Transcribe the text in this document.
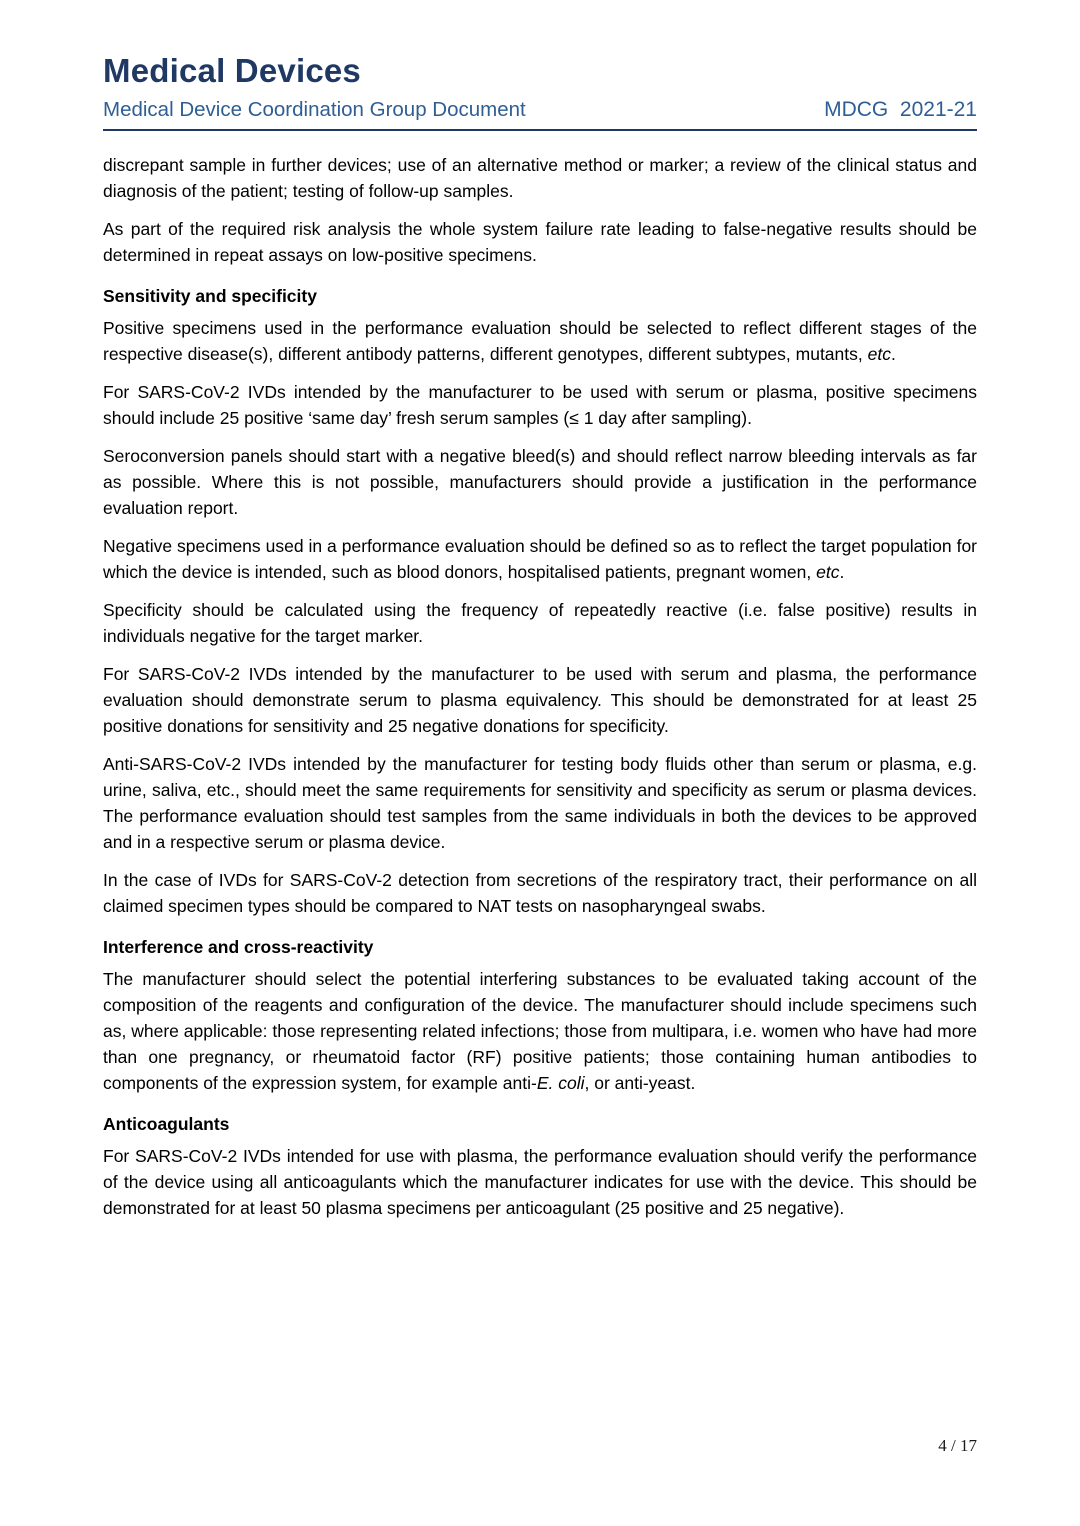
Medical Devices
Medical Device Coordination Group Document	MDCG  2021-21

discrepant sample in further devices; use of an alternative method or marker; a review of the clinical status and diagnosis of the patient; testing of follow-up samples.

As part of the required risk analysis the whole system failure rate leading to false-negative results should be determined in repeat assays on low-positive specimens.

Sensitivity and specificity

Positive specimens used in the performance evaluation should be selected to reflect different stages of the respective disease(s), different antibody patterns, different genotypes, different subtypes, mutants, etc.

For SARS-CoV-2 IVDs intended by the manufacturer to be used with serum or plasma, positive specimens should include 25 positive ‘same day’ fresh serum samples (≤ 1 day after sampling).

Seroconversion panels should start with a negative bleed(s) and should reflect narrow bleeding intervals as far as possible. Where this is not possible, manufacturers should provide a justification in the performance evaluation report.

Negative specimens used in a performance evaluation should be defined so as to reflect the target population for which the device is intended, such as blood donors, hospitalised patients, pregnant women, etc.

Specificity should be calculated using the frequency of repeatedly reactive (i.e. false positive) results in individuals negative for the target marker.

For SARS-CoV-2 IVDs intended by the manufacturer to be used with serum and plasma, the performance evaluation should demonstrate serum to plasma equivalency. This should be demonstrated for at least 25 positive donations for sensitivity and 25 negative donations for specificity.

Anti-SARS-CoV-2 IVDs intended by the manufacturer for testing body fluids other than serum or plasma, e.g. urine, saliva, etc., should meet the same requirements for sensitivity and specificity as serum or plasma devices. The performance evaluation should test samples from the same individuals in both the devices to be approved and in a respective serum or plasma device.

In the case of IVDs for SARS-CoV-2 detection from secretions of the respiratory tract, their performance on all claimed specimen types should be compared to NAT tests on nasopharyngeal swabs.

Interference and cross-reactivity

The manufacturer should select the potential interfering substances to be evaluated taking account of the composition of the reagents and configuration of the device. The manufacturer should include specimens such as, where applicable: those representing related infections; those from multipara, i.e. women who have had more than one pregnancy, or rheumatoid factor (RF) positive patients; those containing human antibodies to components of the expression system, for example anti-E. coli, or anti-yeast.

Anticoagulants

For SARS-CoV-2 IVDs intended for use with plasma, the performance evaluation should verify the performance of the device using all anticoagulants which the manufacturer indicates for use with the device. This should be demonstrated for at least 50 plasma specimens per anticoagulant (25 positive and 25 negative).

4 / 17
